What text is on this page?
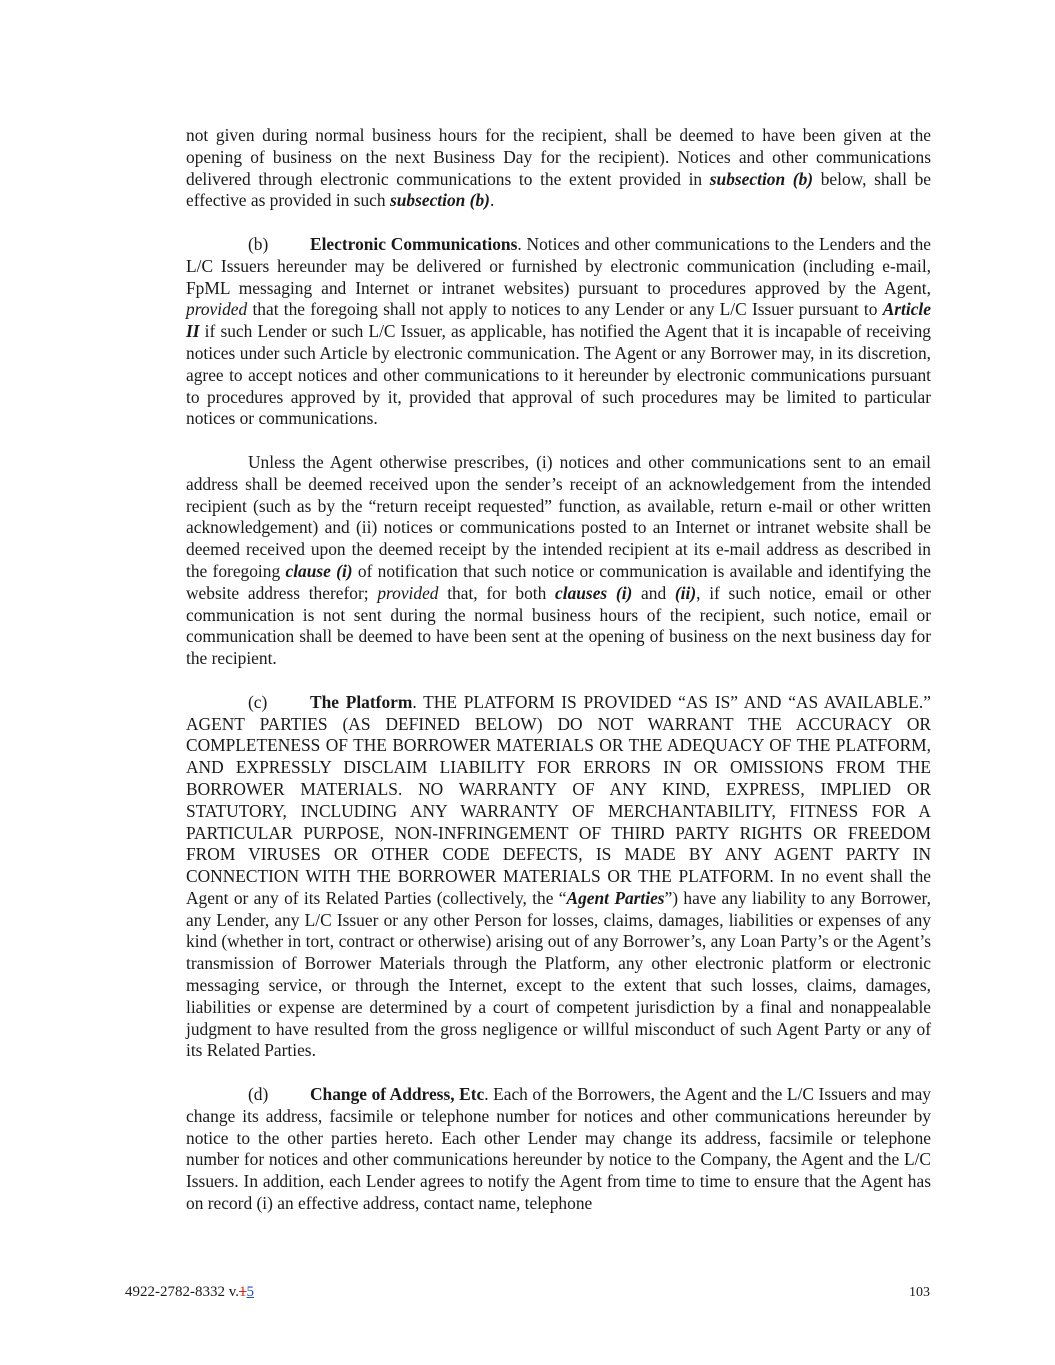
not given during normal business hours for the recipient, shall be deemed to have been given at the opening of business on the next Business Day for the recipient). Notices and other communications delivered through electronic communications to the extent provided in subsection (b) below, shall be effective as provided in such subsection (b).

(b) Electronic Communications. Notices and other communications to the Lenders and the L/C Issuers hereunder may be delivered or furnished by electronic communication (including e-mail, FpML messaging and Internet or intranet websites) pursuant to procedures approved by the Agent, provided that the foregoing shall not apply to notices to any Lender or any L/C Issuer pursuant to Article II if such Lender or such L/C Issuer, as applicable, has notified the Agent that it is incapable of receiving notices under such Article by electronic communication. The Agent or any Borrower may, in its discretion, agree to accept notices and other communications to it hereunder by electronic communications pursuant to procedures approved by it, provided that approval of such procedures may be limited to particular notices or communications.

Unless the Agent otherwise prescribes, (i) notices and other communications sent to an email address shall be deemed received upon the sender’s receipt of an acknowledgement from the intended recipient (such as by the “return receipt requested” function, as available, return e-mail or other written acknowledgement) and (ii) notices or communications posted to an Internet or intranet website shall be deemed received upon the deemed receipt by the intended recipient at its e-mail address as described in the foregoing clause (i) of notification that such notice or communication is available and identifying the website address therefor; provided that, for both clauses (i) and (ii), if such notice, email or other communication is not sent during the normal business hours of the recipient, such notice, email or communication shall be deemed to have been sent at the opening of business on the next business day for the recipient.

(c) The Platform. THE PLATFORM IS PROVIDED “AS IS” AND “AS AVAILABLE.” AGENT PARTIES (AS DEFINED BELOW) DO NOT WARRANT THE ACCURACY OR COMPLETENESS OF THE BORROWER MATERIALS OR THE ADEQUACY OF THE PLATFORM, AND EXPRESSLY DISCLAIM LIABILITY FOR ERRORS IN OR OMISSIONS FROM THE BORROWER MATERIALS. NO WARRANTY OF ANY KIND, EXPRESS, IMPLIED OR STATUTORY, INCLUDING ANY WARRANTY OF MERCHANTABILITY, FITNESS FOR A PARTICULAR PURPOSE, NON-INFRINGEMENT OF THIRD PARTY RIGHTS OR FREEDOM FROM VIRUSES OR OTHER CODE DEFECTS, IS MADE BY ANY AGENT PARTY IN CONNECTION WITH THE BORROWER MATERIALS OR THE PLATFORM. In no event shall the Agent or any of its Related Parties (collectively, the “Agent Parties”) have any liability to any Borrower, any Lender, any L/C Issuer or any other Person for losses, claims, damages, liabilities or expenses of any kind (whether in tort, contract or otherwise) arising out of any Borrower’s, any Loan Party’s or the Agent’s transmission of Borrower Materials through the Platform, any other electronic platform or electronic messaging service, or through the Internet, except to the extent that such losses, claims, damages, liabilities or expense are determined by a court of competent jurisdiction by a final and nonappealable judgment to have resulted from the gross negligence or willful misconduct of such Agent Party or any of its Related Parties.

(d) Change of Address, Etc. Each of the Borrowers, the Agent and the L/C Issuers and may change its address, facsimile or telephone number for notices and other communications hereunder by notice to the other parties hereto. Each other Lender may change its address, facsimile or telephone number for notices and other communications hereunder by notice to the Company, the Agent and the L/C Issuers. In addition, each Lender agrees to notify the Agent from time to time to ensure that the Agent has on record (i) an effective address, contact name, telephone

4922-2782-8332 v.15	103
